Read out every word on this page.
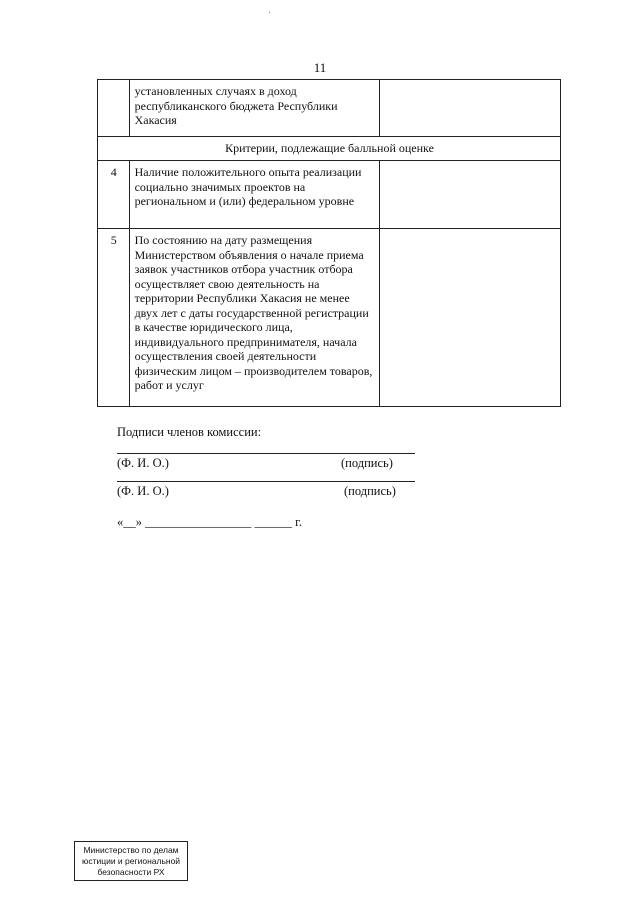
·
11
	установленных случаях в доход республиканского бюджета Республики Хакасия	
Критерии, подлежащие балльной оценке		
4	Наличие положительного опыта реализации социально значимых проектов на региональном и (или) федеральном уровне	
5	По состоянию на дату размещения Министерством объявления о начале приема заявок участников отбора участник отбора осуществляет свою деятельность на территории Республики Хакасия не менее двух лет с даты государственной регистрации в качестве юридического лица, индивидуального предпринимателя, начала осуществления своей деятельности физическим лицом – производителем товаров, работ и услуг	
Подписи членов комиссии:
(Ф. И. О.)	(подпись)
(Ф. И. О.)	(подпись)
«__» _________________ ______ г.
Министерство по делам
юстиции и региональной
безопасности РХ
